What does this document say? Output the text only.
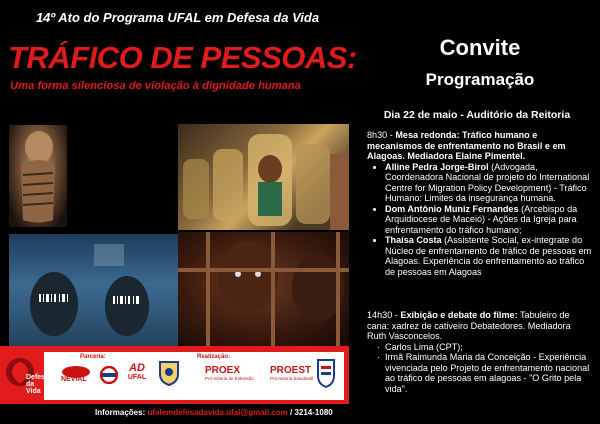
14º Ato do Programa UFAL em Defesa da Vida
TRÁFICO DE PESSOAS:
Uma forma silenciosa de violação à dignidade humana
Defesa da Vida
Parceria:	Realização:
NEVIAL
AD
UFAL
PROEX
Pró-reitoria de Extensão
PROEST
Pró-reitoria Estudantil
Informações: ufalemdefesadavida.ufal@gmail.com / 3214-1080
Convite
Programação
Dia 22 de maio - Auditório da Reitoria
8h30 - Mesa redonda: Tráfico humano e mecanismos de enfrentamento no Brasil e em Alagoas. Mediadora Elaine Pimentel.
• Alline Pedra Jorge-Birol (Advogada, Coordenadora Nacional de projeto do International Centre for Migration Policy Development) - Tráfico Humano: Limites da insegurança humana.
• Dom Antônio Muniz Fernandes (Arcebispo da Arquidiocese de Maceió) - Ações da Igreja para enfrentamento do tráfico humano;
• Thaísa Costa (Assistente Social, ex-integrate do Núcleo de enfrentamento de tráfico de pessoas em Alagoas. Experiência do enfrentamento ao tráfico de pessoas em Alagoas
14h30 - Exibição e debate do filme: Tabuleiro de cana: xadrez de cativeiro Debatedores. Mediadora Ruth Vasconcelos.
· Carlos Lima (CPT);
· Irmã Raimunda Maria da Conceição - Experiência vivenciada pelo Projeto de enfrentamento nacional ao tráfico de pessoas em alagoas - "O Grito pela vida".
